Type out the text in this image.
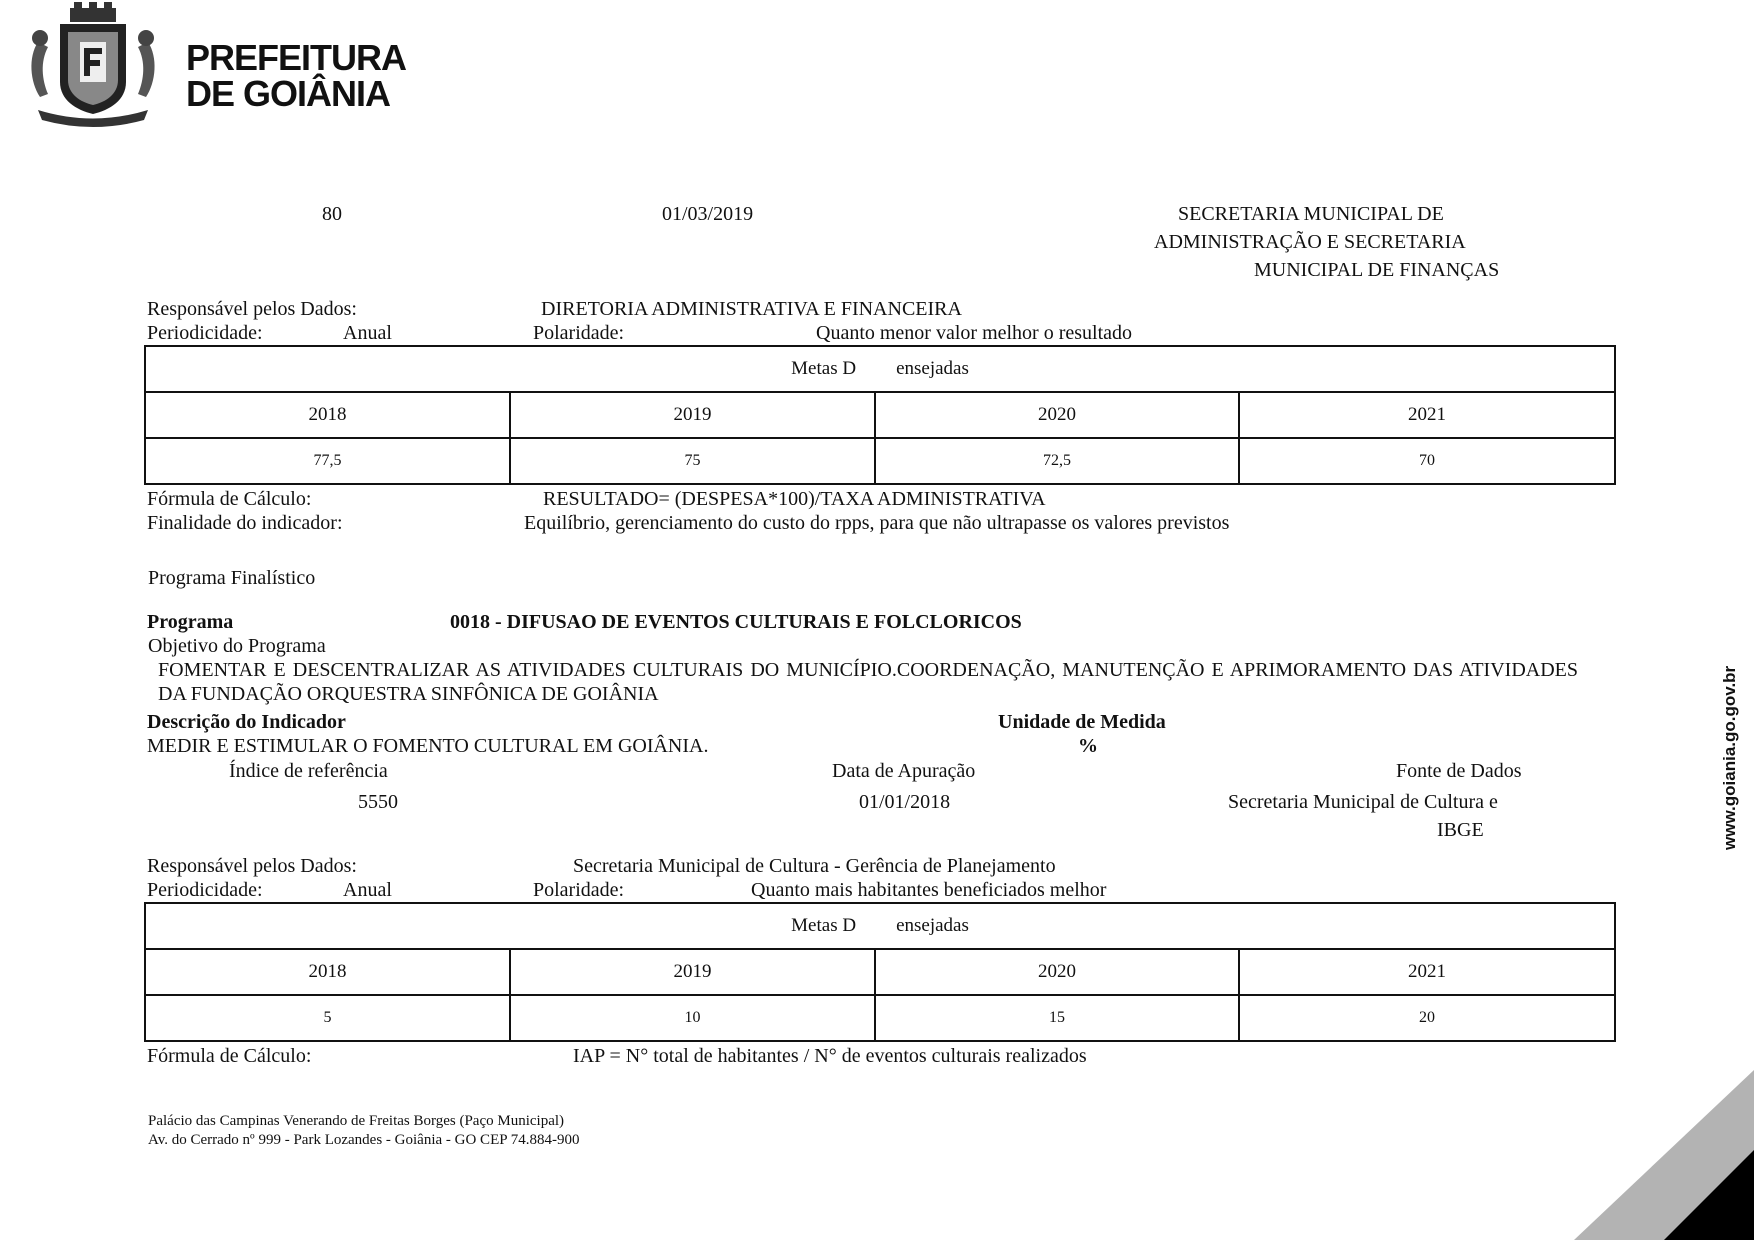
PREFEITURA
DE GOIÂNIA
80	01/03/2019	SECRETARIA MUNICIPAL DE
ADMINISTRAÇÃO E SECRETARIA
MUNICIPAL DE FINANÇAS
Responsável pelos Dados:	DIRETORIA ADMINISTRATIVA E FINANCEIRA
Periodicidade:	Anual	Polaridade:	Quanto menor valor melhor o resultado
Metas D ensejadas			
2018	2019	2020	2021
77,5	75	72,5	70
Fórmula de Cálculo:	RESULTADO= (DESPESA*100)/TAXA ADMINISTRATIVA
Finalidade do indicador:	Equilíbrio, gerenciamento do custo do rpps, para que não ultrapasse os valores previstos
Programa Finalístico
Programa	0018 - DIFUSAO DE EVENTOS CULTURAIS E FOLCLORICOS
Objetivo do Programa
FOMENTAR E DESCENTRALIZAR AS ATIVIDADES CULTURAIS DO MUNICÍPIO.COORDENAÇÃO, MANUTENÇÃO E APRIMORAMENTO DAS ATIVIDADES DA FUNDAÇÃO ORQUESTRA SINFÔNICA DE GOIÂNIA
Descrição do Indicador	Unidade de Medida
MEDIR E ESTIMULAR O FOMENTO CULTURAL EM GOIÂNIA.	%
Índice de referência	Data de Apuração	Fonte de Dados
5550	01/01/2018	Secretaria Municipal de Cultura e
IBGE
Responsável pelos Dados:	Secretaria Municipal de Cultura - Gerência de Planejamento
Periodicidade:	Anual	Polaridade:	Quanto mais habitantes beneficiados melhor
Metas D ensejadas			
2018	2019	2020	2021
5	10	15	20
Fórmula de Cálculo:	IAP = N° total de habitantes / N° de eventos culturais realizados
Palácio das Campinas Venerando de Freitas Borges (Paço Municipal)
Av. do Cerrado nº 999 - Park Lozandes - Goiânia - GO CEP 74.884-900
www.goiania.go.gov.br
